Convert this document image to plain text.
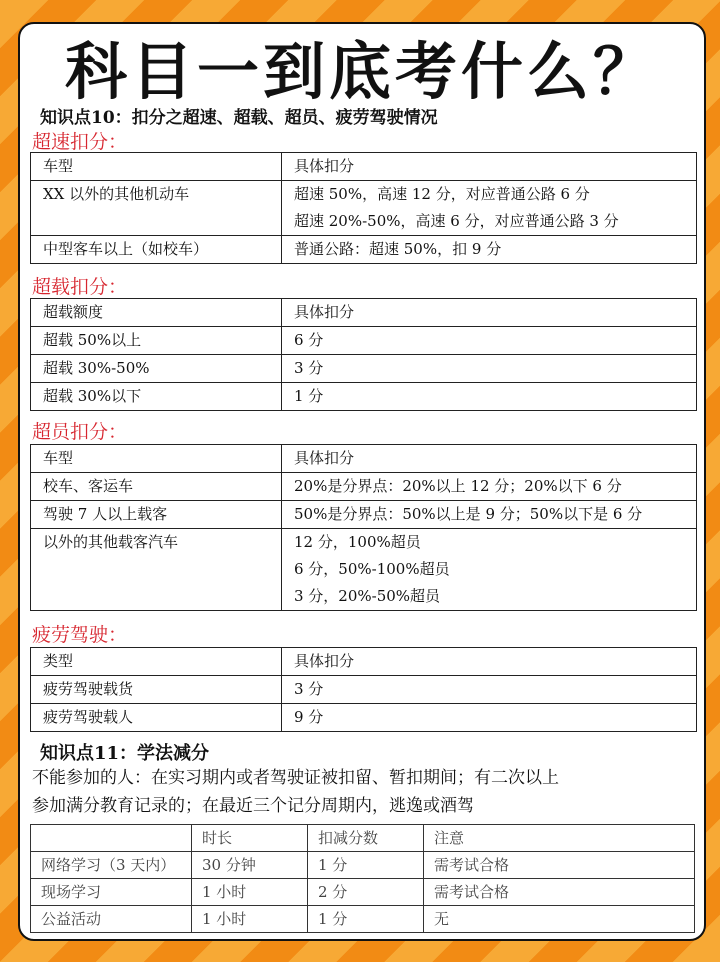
科目一到底考什么？
知识点10：扣分之超速、超载、超员、疲劳驾驶情况
超速扣分：
车型	具体扣分
XX 以外的其他机动车	超速 50%，高速 12 分，对应普通公路 6 分
超速 20%-50%，高速 6 分，对应普通公路 3 分

中型客车以上（如校车）	普通公路：超速 50%，扣 9 分
超载扣分：
超载额度	具体扣分
超载 50%以上	6 分
超载 30%-50%	3 分
超载 30%以下	1 分
超员扣分：
车型	具体扣分
校车、客运车	20%是分界点：20%以上 12 分；20%以下 6 分
驾驶 7 人以上载客	50%是分界点：50%以上是 9 分；50%以下是 6 分
以外的其他载客汽车	12 分，100%超员
6 分，50%-100%超员
3 分，20%-50%超员
疲劳驾驶：
类型	具体扣分
疲劳驾驶载货	3 分
疲劳驾驶载人	9 分
知识点11：学法减分
不能参加的人：在实习期内或者驾驶证被扣留、暂扣期间；有二次以上
参加满分教育记录的；在最近三个记分周期内，逃逸或酒驾
	时长	扣减分数	注意
网络学习（3 天内）	30 分钟	1 分	需考试合格
现场学习	1 小时	2 分	需考试合格
公益活动	1 小时	1 分	无
